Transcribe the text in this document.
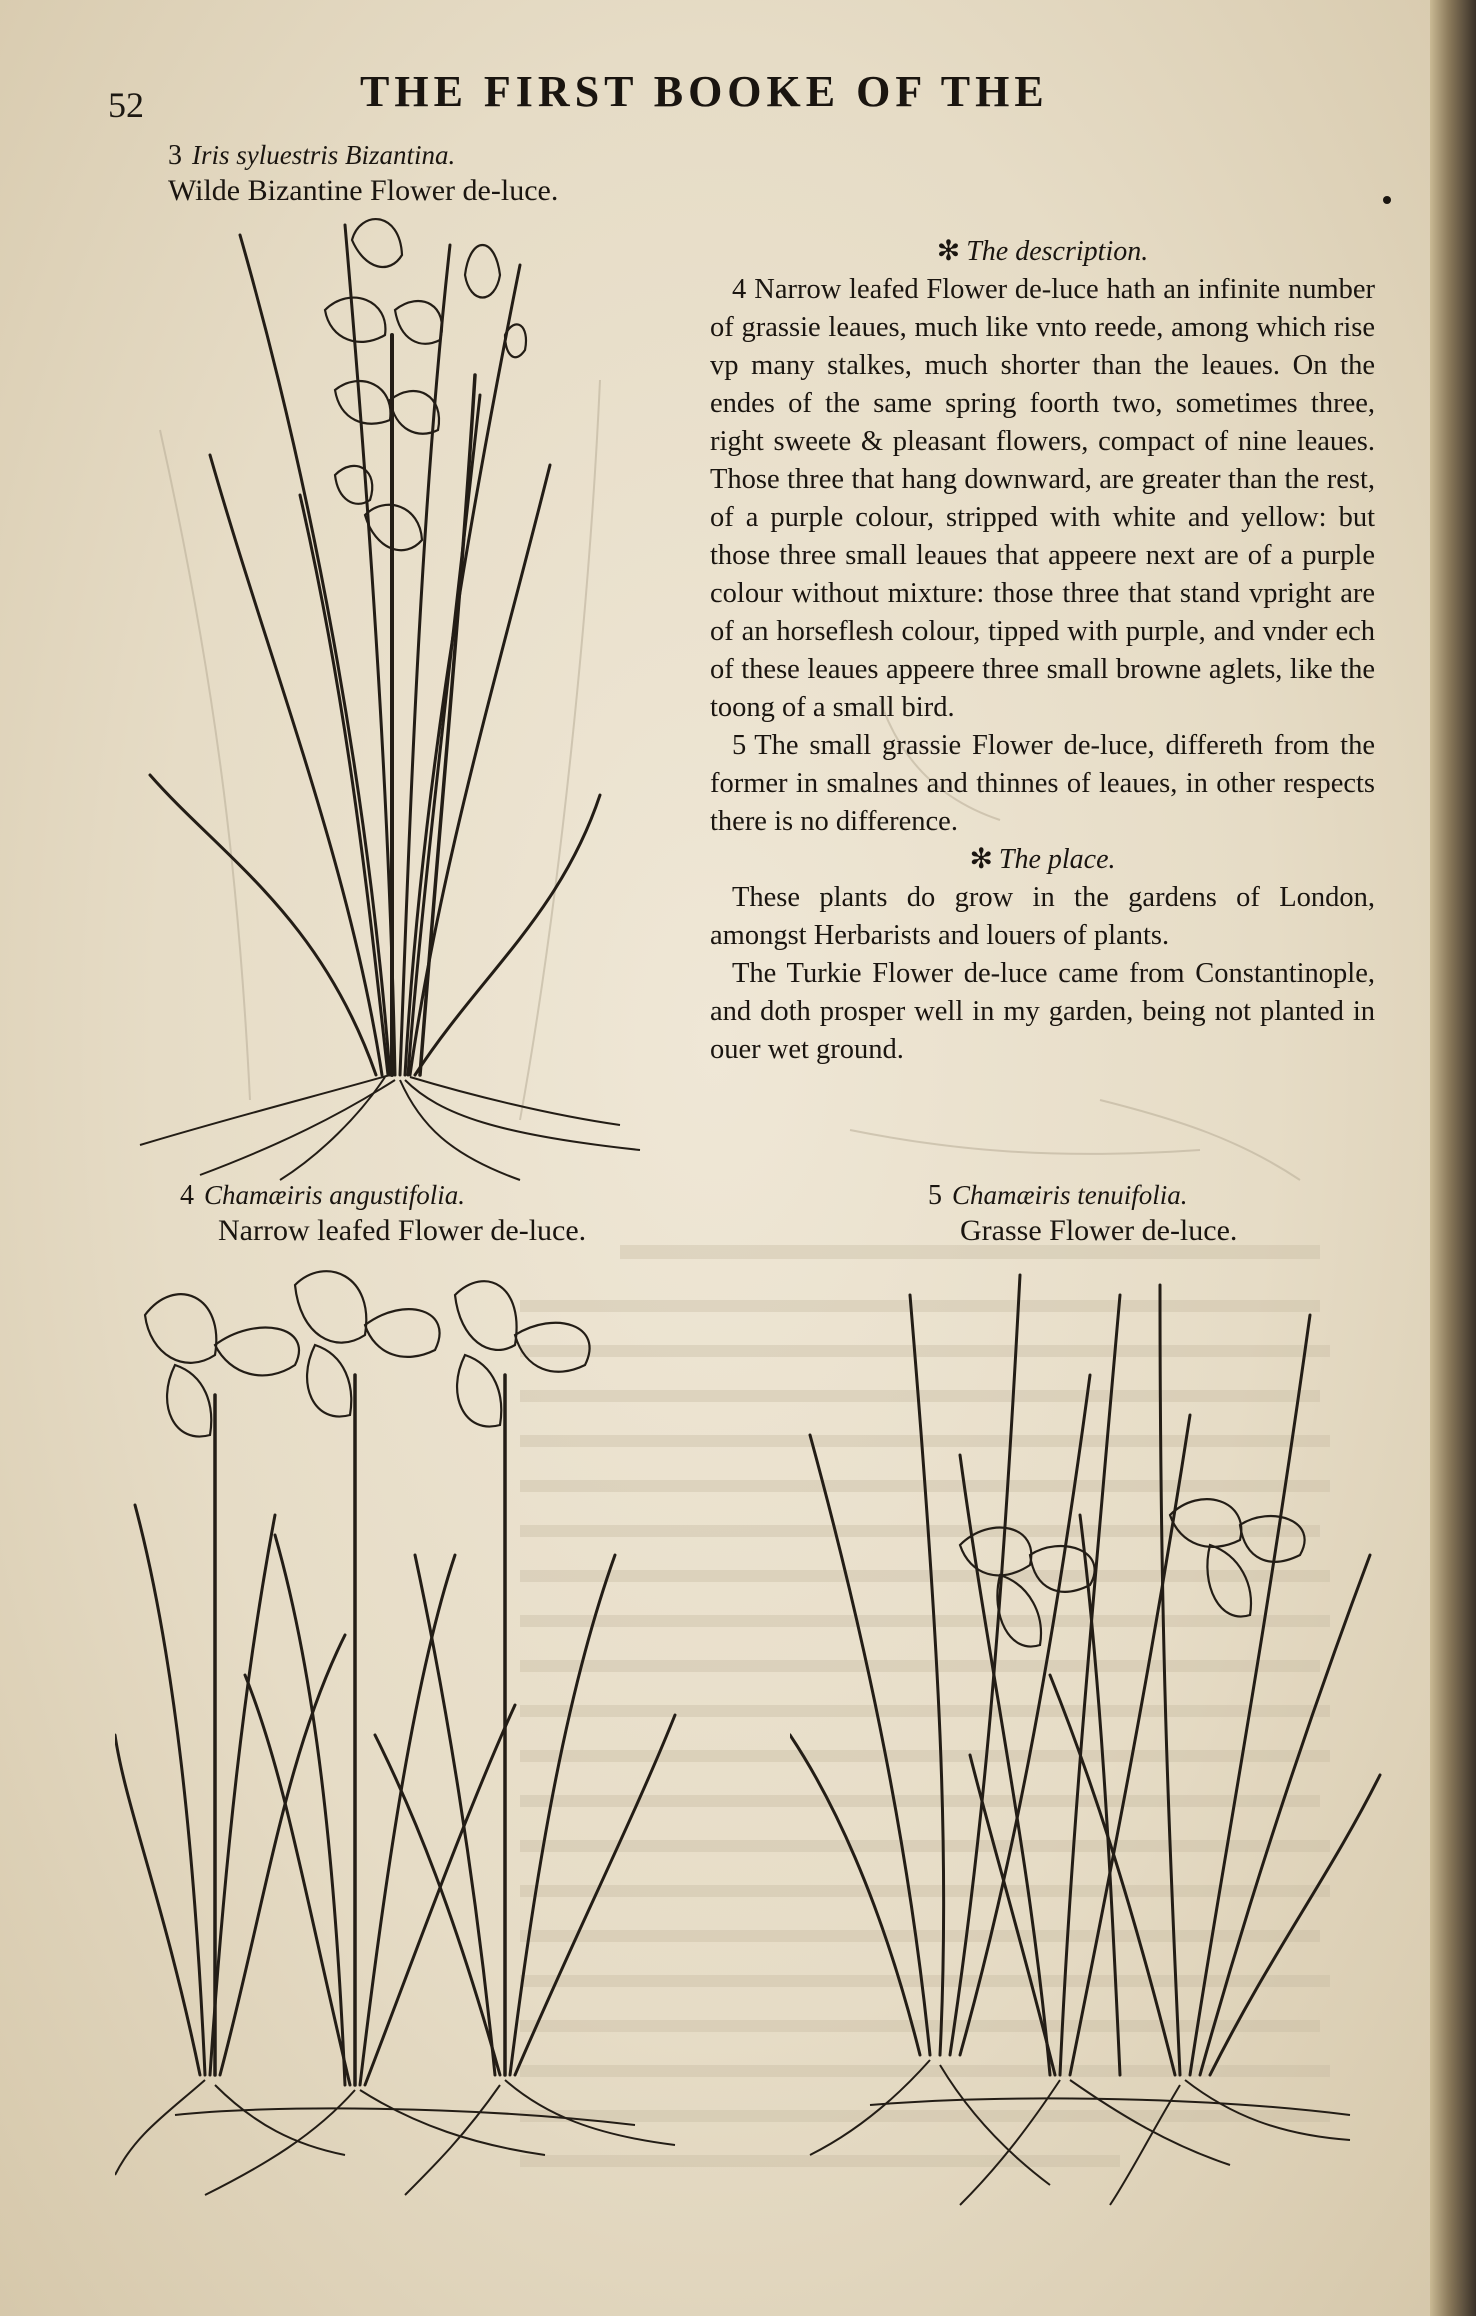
52	THE FIRST BOOKE OF THE
3 Iris syluestris Bizantina.
Wilde Bizantine Flower de-luce.
✻ The description.

4 Narrow leafed Flower de-luce hath an infinite number of grassie leaues, much like vnto reede, among which rise vp many stalkes, much shorter than the leaues. On the endes of the same spring foorth two, sometimes three, right sweete & pleasant flowers, compact of nine leaues. Those three that hang downward, are greater than the rest, of a purple colour, stripped with white and yellow: but those three small leaues that appeere next are of a purple colour without mixture: those three that stand vpright are of an horseflesh colour, tipped with purple, and vnder ech of these leaues appeere three small browne aglets, like the toong of a small bird.

5 The small grassie Flower de-luce, differeth from the former in smalnes and thinnes of leaues, in other respects there is no difference.

✻ The place.

These plants do grow in the gardens of London, amongst Herbarists and louers of plants.

The Turkie Flower de-luce came from Constantinople, and doth prosper well in my garden, being not planted in ouer wet ground.

4 Chamæiris angustifolia.
Narrow leafed Flower de-luce.
5 Chamæiris tenuifolia.
Grasse Flower de-luce.
